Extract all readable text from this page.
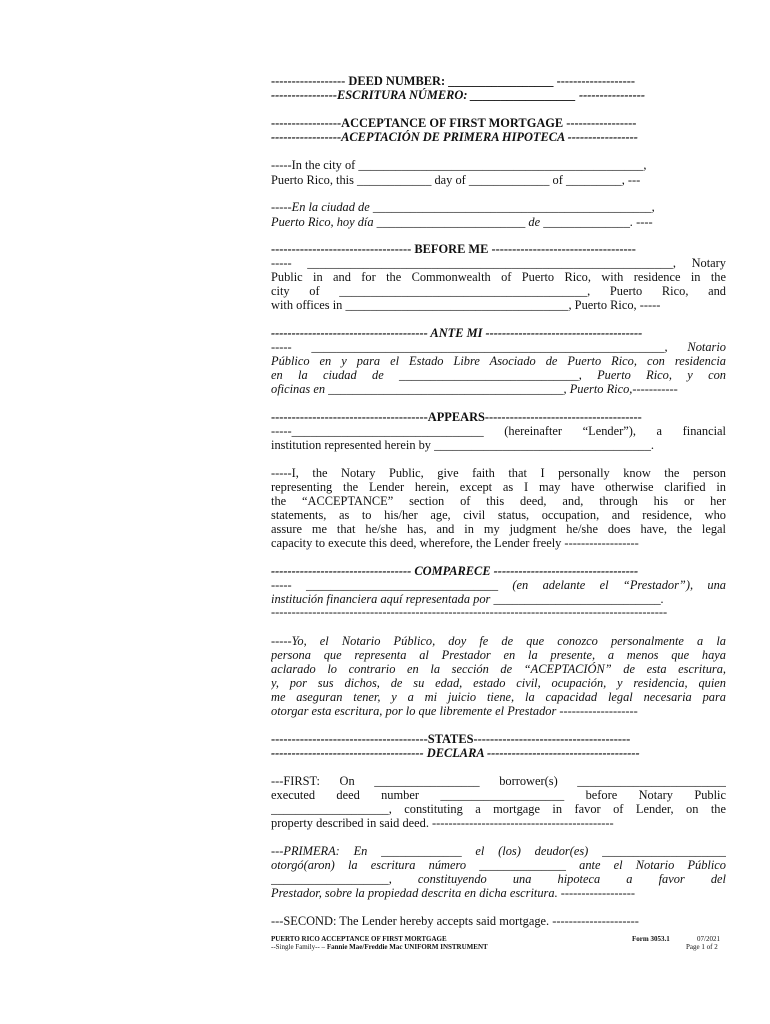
------------------ DEED NUMBER: _________________ -------------------
----------------ESCRITURA NÚMERO: _________________ ----------------
-----------------ACCEPTANCE OF FIRST MORTGAGE -----------------
-----------------ACEPTACIÓN DE PRIMERA HIPOTECA -----------------
-----In the city of ______________________________________________,
Puerto Rico, this ____________ day of _____________ of _________, ---
-----En la ciudad de _____________________________________________,
Puerto Rico, hoy día ________________________ de ______________. ----
---------------------------------- BEFORE ME -----------------------------------
----- ___________________________________________________________, Notary
Public in and for the Commonwealth of Puerto Rico, with residence in the
city of ________________________________________, Puerto Rico, and
with offices in ____________________________________, Puerto Rico, -----
-------------------------------------- ANTE MI --------------------------------------
----- _________________________________________________________, Notario
Público en y para el Estado Libre Asociado de Puerto Rico, con residencia
en la ciudad de _____________________________, Puerto Rico, y con
oficinas en ______________________________________, Puerto Rico,-----------
--------------------------------------APPEARS--------------------------------------
-----_______________________________ (hereinafter “Lender”), a financial
institution represented herein by ___________________________________.
-----I, the Notary Public, give faith that I personally know the person
representing the Lender herein, except as I may have otherwise clarified in
the “ACCEPTANCE” section of this deed, and, through his or her
statements, as to his/her age, civil status, occupation, and residence, who
assure me that he/she has, and in my judgment he/she does have, the legal
capacity to execute this deed, wherefore, the Lender freely ------------------
---------------------------------- COMPARECE -----------------------------------
----- _______________________________ (en adelante el “Prestador”), una
institución financiera aquí representada por ___________________________.
------------------------------------------------------------------------------------------------
-----Yo, el Notario Público, doy fe de que conozco personalmente a la
persona que representa al Prestador en la presente, a menos que haya
aclarado lo contrario en la sección de “ACEPTACIÓN” de esta escritura,
y, por sus dichos, de su edad, estado civil, ocupación, y residencia, quien
me aseguran tener, y a mi juicio tiene, la capacidad legal necesaria para
otorgar esta escritura, por lo que libremente el Prestador -------------------
--------------------------------------STATES--------------------------------------
------------------------------------- DECLARA -------------------------------------
---FIRST: On _________________ borrower(s) ________________________
executed deed number ____________________ before Notary Public
___________________, constituting a mortgage in favor of Lender, on the
property described in said deed. --------------------------------------------
---PRIMERA: En _____________ el (los) deudor(es) ____________________
otorgó(aron) la escritura número ______________ ante el Notario Público
___________________, constituyendo una hipoteca a favor del
Prestador, sobre la propiedad descrita en dicha escritura. ------------------
---SECOND: The Lender hereby accepts said mortgage. ---------------------
PUERTO RICO ACCEPTANCE OF FIRST MORTGAGE
--Single Family-- – Fannie Mae/Freddie Mac UNIFORM INSTRUMENT
Form 3053.1	07/2021
Page 1 of 2
